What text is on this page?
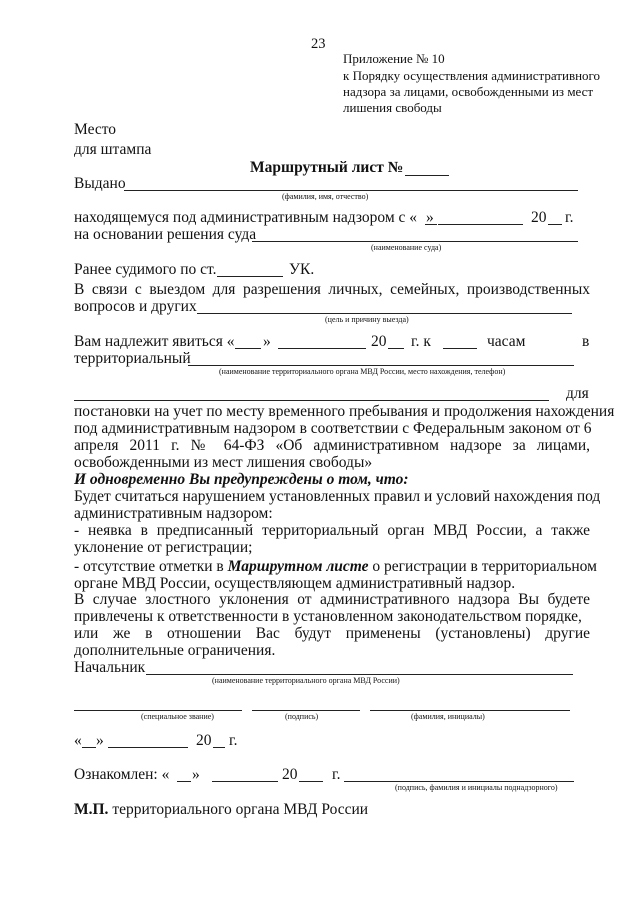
23
Приложение № 10
к Порядку осуществления административного
надзора за лицами, освобожденными из мест
лишения свободы
Место
для штампа
Маршрутный лист №
Выдано
(фамилия, имя, отчество)
находящемуся под административным надзором с « »	20 г.
на основании решения суда
(наименование суда)
Ранее судимого по ст.	УК.
В связи с выездом для разрешения личных, семейных, производственных
вопросов и других
(цель и причину выезда)
Вам надлежит явиться « »	20 г. к	часам	в
территориальный
(наименование территориального органа МВД России, место нахождения, телефон)
для
постановки на учет по месту временного пребывания и продолжения нахождения
под административным надзором в соответствии с Федеральным законом от 6
апреля 2011 г. № 64-ФЗ «Об административном надзоре за лицами,
освобожденными из мест лишения свободы»
И одновременно Вы предупреждены о том, что:
Будет считаться нарушением установленных правил и условий нахождения под
административным надзором:
- неявка в предписанный территориальный орган МВД России, а также
уклонение от регистрации;
- отсутствие отметки в Маршрутном листе о регистрации в территориальном
органе МВД России, осуществляющем административный надзор.
В случае злостного уклонения от административного надзора Вы будете
привлечены к ответственности в установленном законодательством порядке,
или же в отношении Вас будут применены (установлены) другие
дополнительные ограничения.
Начальник
(наименование территориального органа МВД России)
(специальное звание)	(подпись)	(фамилия, инициалы)
« »	20 г.
Ознакомлен: « »	20 г.
(подпись, фамилия и инициалы поднадзорного)
М.П. территориального органа МВД России
